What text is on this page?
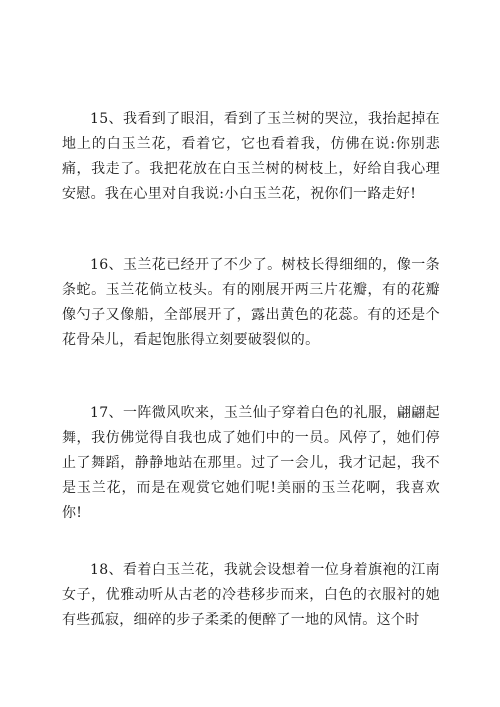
15、我看到了眼泪，看到了玉兰树的哭泣，我抬起掉在地上的白玉兰花，看着它，它也看着我，仿佛在说:你别悲痛，我走了。我把花放在白玉兰树的树枝上，好给自我心理安慰。我在心里对自我说:小白玉兰花，祝你们一路走好!

16、玉兰花已经开了不少了。树枝长得细细的，像一条条蛇。玉兰花倘立枝头。有的刚展开两三片花瓣，有的花瓣像勺子又像船，全部展开了，露出黄色的花蕊。有的还是个花骨朵儿，看起饱胀得立刻要破裂似的。

17、一阵微风吹来，玉兰仙子穿着白色的礼服，翩翩起舞，我仿佛觉得自我也成了她们中的一员。风停了，她们停止了舞蹈，静静地站在那里。过了一会儿，我才记起，我不是玉兰花，而是在观赏它她们呢!美丽的玉兰花啊，我喜欢你!

18、看着白玉兰花，我就会设想着一位身着旗袍的江南女子，优雅动听从古老的冷巷移步而来，白色的衣服衬的她有些孤寂，细碎的步子柔柔的便醉了一地的风情。这个时
